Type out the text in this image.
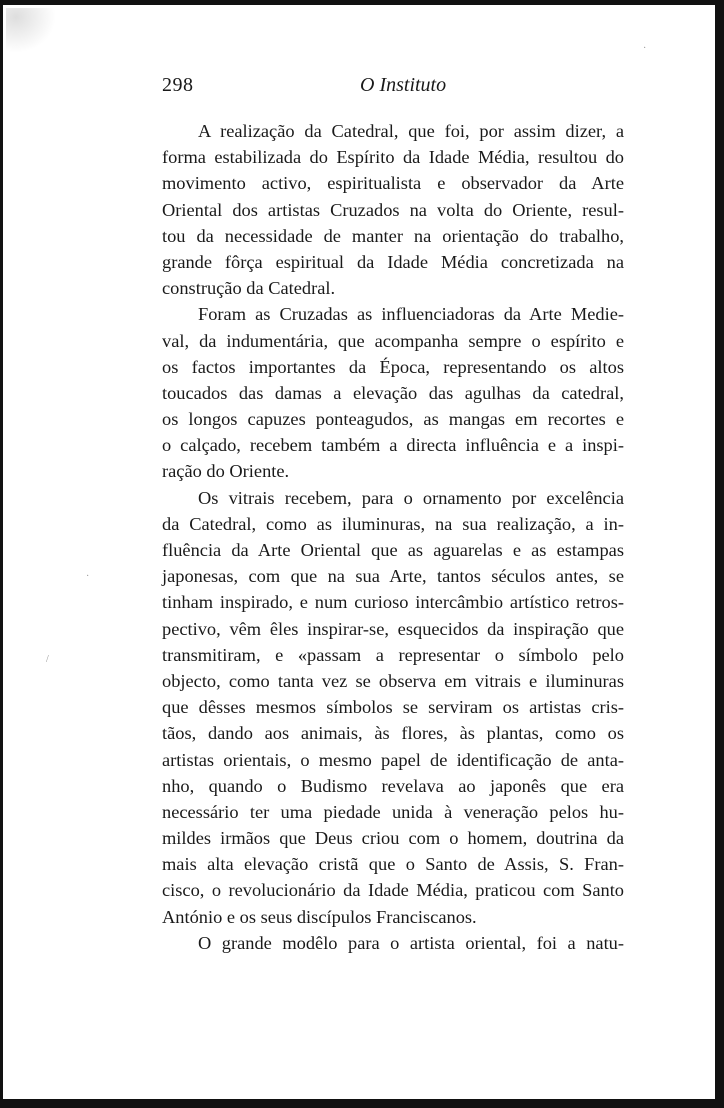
·
·
/
298	O Instituto
A realização da Catedral, que foi, por assim dizer, a
forma estabilizada do Espírito da Idade Média, resultou do
movimento activo, espiritualista e observador da Arte
Oriental dos artistas Cruzados na volta do Oriente, resul-
tou da necessidade de manter na orientação do trabalho,
grande fôrça espiritual da Idade Média concretizada na
construção da Catedral.
Foram as Cruzadas as influenciadoras da Arte Medie-
val, da indumentária, que acompanha sempre o espírito e
os factos importantes da Época, representando os altos
toucados das damas a elevação das agulhas da catedral,
os longos capuzes ponteagudos, as mangas em recortes e
o calçado, recebem também a directa influência e a inspi-
ração do Oriente.
Os vitrais recebem, para o ornamento por excelência
da Catedral, como as iluminuras, na sua realização, a in-
fluência da Arte Oriental que as aguarelas e as estampas
japonesas, com que na sua Arte, tantos séculos antes, se
tinham inspirado, e num curioso intercâmbio artístico retros-
pectivo, vêm êles inspirar-se, esquecidos da inspiração que
transmitiram, e «passam a representar o símbolo pelo
objecto, como tanta vez se observa em vitrais e iluminuras
que dêsses mesmos símbolos se serviram os artistas cris-
tãos, dando aos animais, às flores, às plantas, como os
artistas orientais, o mesmo papel de identificação de anta-
nho, quando o Budismo revelava ao japonês que era
necessário ter uma piedade unida à veneração pelos hu-
mildes irmãos que Deus criou com o homem, doutrina da
mais alta elevação cristã que o Santo de Assis, S. Fran-
cisco, o revolucionário da Idade Média, praticou com Santo
António e os seus discípulos Franciscanos.
O grande modêlo para o artista oriental, foi a natu-
